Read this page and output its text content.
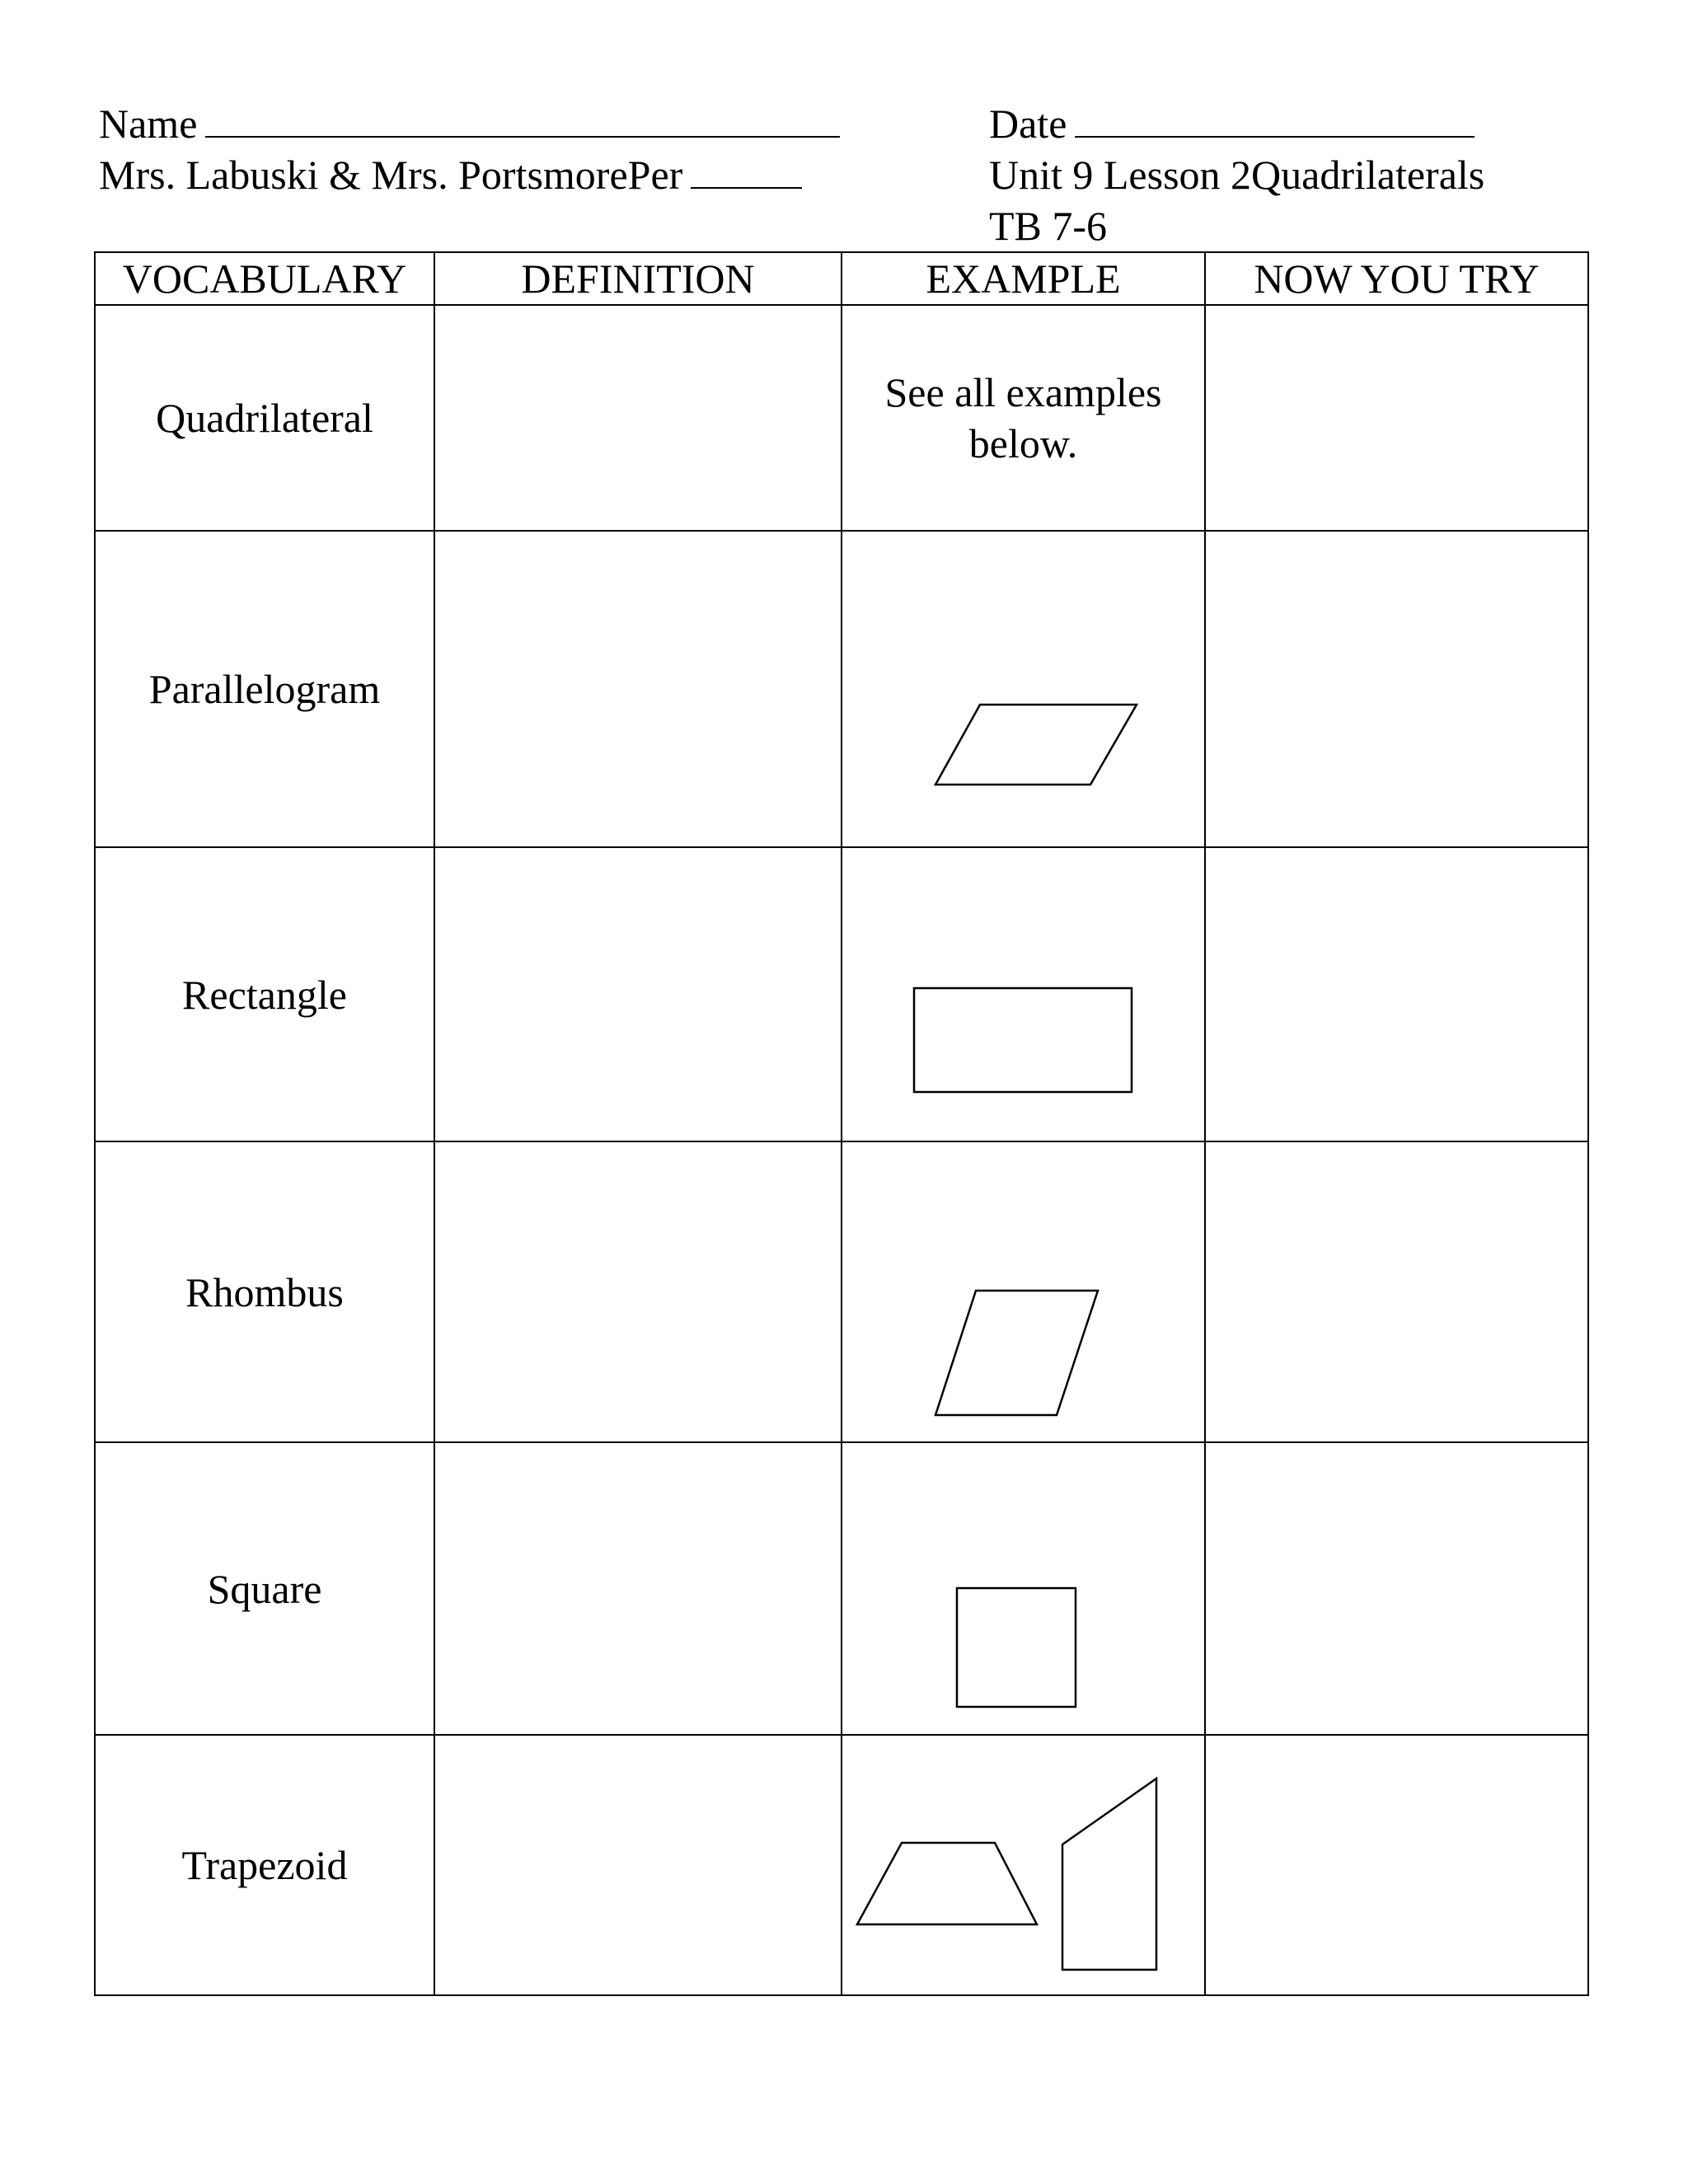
Name
Mrs. Labuski & Mrs. PortsmorePer
Date
Unit 9 Lesson 2Quadrilaterals
TB 7-6
VOCABULARY	DEFINITION	EXAMPLE	NOW YOU TRY
Quadrilateral		See all examples below.	

Parallelogram		

Rectangle		

Rhombus		

Square		

Trapezoid		
